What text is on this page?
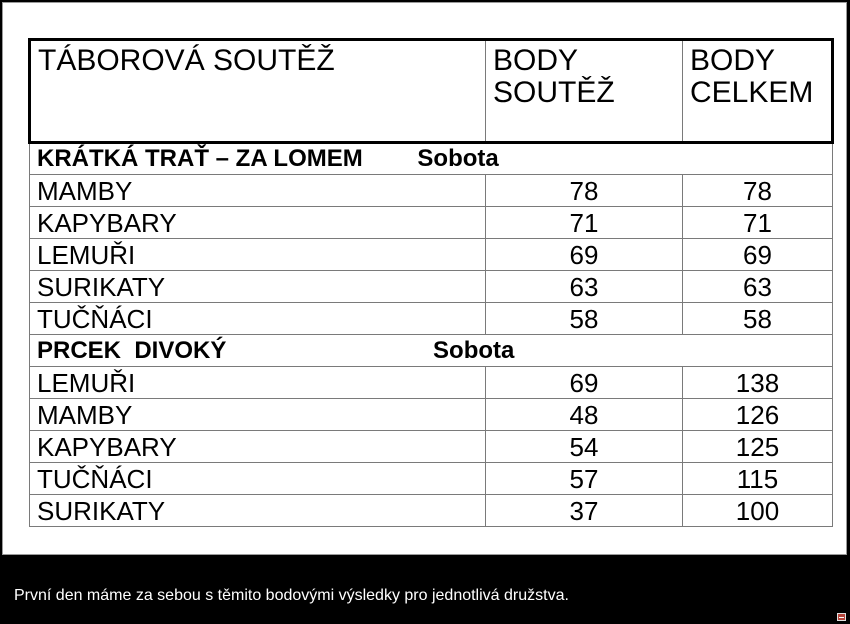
TÁBOROVÁ SOUTĚŽ	BODY SOUTĚŽ	BODY CELKEM
KRÁTKÁ TRAŤ – ZA LOMEM Sobota		
MAMBY	78	78
KAPYBARY	71	71
LEMUŘI	69	69
SURIKATY	63	63
TUČŇÁCI	58	58
PRCEK  DIVOKÝ Sobota		
LEMUŘI	69	138
MAMBY	48	126
KAPYBARY	54	125
TUČŇÁCI	57	115
SURIKATY	37	100
První den máme za sebou s těmito bodovými výsledky pro jednotlivá družstva.
